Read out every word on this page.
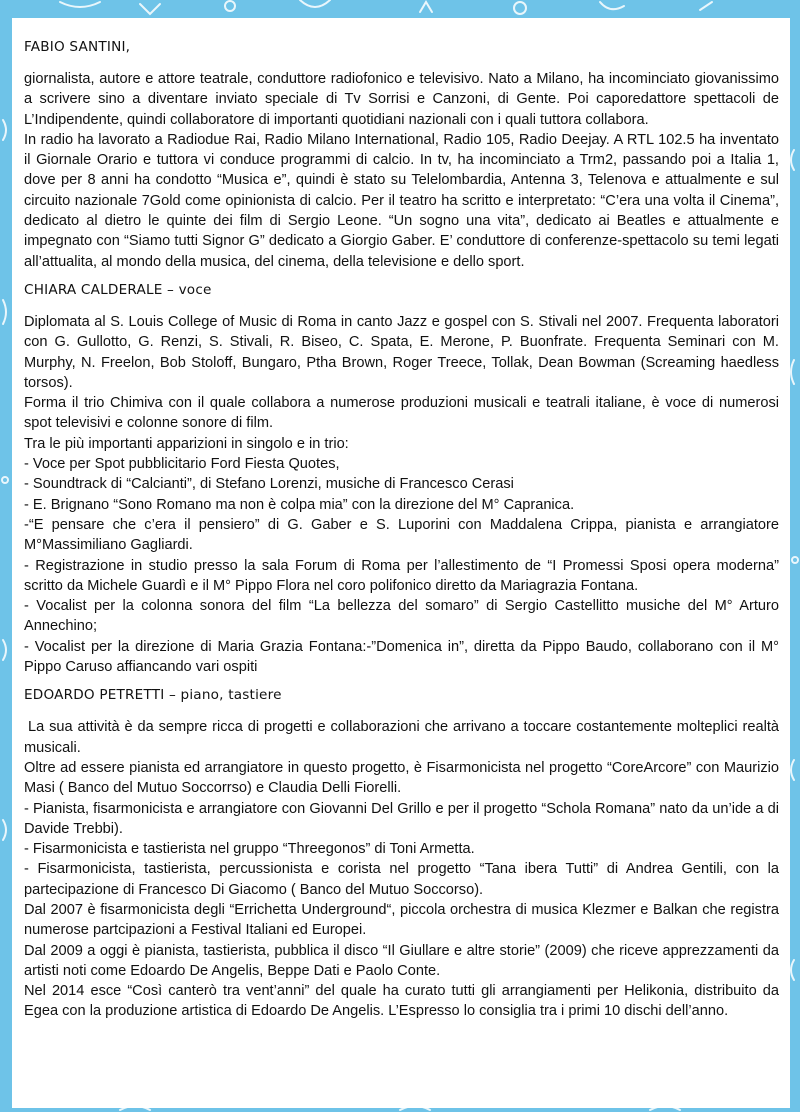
FABIO SANTINI,

giornalista, autore e attore teatrale, conduttore radiofonico e televisivo. Nato a Milano, ha incominciato giovanissimo a scrivere sino a diventare inviato speciale di Tv Sorrisi e Canzoni, di Gente. Poi caporedattore spettacoli de L’Indipendente, quindi collaboratore di importanti quotidiani nazionali con i quali tuttora collabora.

In radio ha lavorato a Radiodue Rai, Radio Milano International, Radio 105, Radio Deejay. A RTL 102.5 ha inventato il Giornale Orario e tuttora vi conduce programmi di calcio. In tv, ha incominciato a Trm2, passando poi a Italia 1, dove per 8 anni ha condotto “Musica e”, quindi è stato su Telelombardia, Antenna 3, Telenova e attualmente e sul circuito nazionale 7Gold come opinionista di calcio. Per il teatro ha scritto e interpretato: “C’era una volta il Cinema”, dedicato al dietro le quinte dei film di Sergio Leone. “Un sogno una vita”, dedicato ai Beatles e attualmente e impegnato con “Siamo tutti Signor G” dedicato a Giorgio Gaber. E’ conduttore di conferenze-spettacolo su temi legati all’attualita, al mondo della musica, del cinema, della televisione e dello sport.

CHIARA CALDERALE – voce

Diplomata al S. Louis College of Music di Roma in canto Jazz e gospel con S. Stivali nel 2007. Frequenta laboratori con G. Gullotto, G. Renzi, S. Stivali, R. Biseo, C. Spata, E. Merone, P. Buonfrate. Frequenta Seminari con M. Murphy, N. Freelon, Bob Stoloff, Bungaro, Ptha Brown, Roger Treece, Tollak, Dean Bowman (Screaming haedless torsos).

Forma il trio Chimiva con il quale collabora a numerose produzioni musicali e teatrali italiane, è voce di numerosi spot televisivi e colonne sonore di film.

Tra le più importanti apparizioni in singolo e in trio:

- Voce per Spot pubblicitario Ford Fiesta Quotes,

- Soundtrack di “Calcianti”, di Stefano Lorenzi, musiche di Francesco Cerasi

- E. Brignano “Sono Romano ma non è colpa mia” con la direzione del M° Capranica.

-“E pensare che c’era il pensiero” di G. Gaber e S. Luporini con Maddalena Crippa, pianista e arrangiatore M°Massimiliano Gagliardi.

- Registrazione in studio presso la sala Forum di Roma per l’allestimento de “I Promessi Sposi opera moderna” scritto da Michele Guardì e il M° Pippo Flora nel coro polifonico diretto da Mariagrazia Fontana.

- Vocalist per la colonna sonora del film “La bellezza del somaro” di Sergio Castellitto musiche del M° Arturo Annechino;

- Vocalist per la direzione di Maria Grazia Fontana:-”Domenica in”, diretta da Pippo Baudo, collaborano con il M° Pippo Caruso affiancando vari ospiti

EDOARDO PETRETTI – piano, tastiere

La sua attività è da sempre ricca di progetti e collaborazioni che arrivano a toccare costantemente molteplici realtà musicali.

Oltre ad essere pianista ed arrangiatore in questo progetto, è Fisarmonicista nel progetto “CoreArcore” con Maurizio Masi ( Banco del Mutuo Soccorrso) e Claudia Delli Fiorelli.

- Pianista, fisarmonicista e arrangiatore con Giovanni Del Grillo e per il progetto “Schola Romana” nato da un’ide a di Davide Trebbi).

- Fisarmonicista e tastierista nel gruppo “Threegonos” di Toni Armetta.

- Fisarmonicista, tastierista, percussionista e corista nel progetto “Tana ibera Tutti” di Andrea Gentili, con la partecipazione di Francesco Di Giacomo ( Banco del Mutuo Soccorso).

Dal 2007 è fisarmonicista degli “Errichetta Underground“, piccola orchestra di musica Klezmer e Balkan che registra numerose partcipazioni a Festival Italiani ed Europei.

Dal 2009 a oggi è pianista, tastierista, pubblica il disco “Il Giullare e altre storie” (2009) che riceve apprezzamenti da artisti noti come Edoardo De Angelis, Beppe Dati e Paolo Conte.

Nel 2014 esce “Così canterò tra vent’anni” del quale ha curato tutti gli arrangiamenti per Helikonia, distribuito da Egea con la produzione artistica di Edoardo De Angelis. L’Espresso lo consiglia tra i primi 10 dischi dell’anno.
